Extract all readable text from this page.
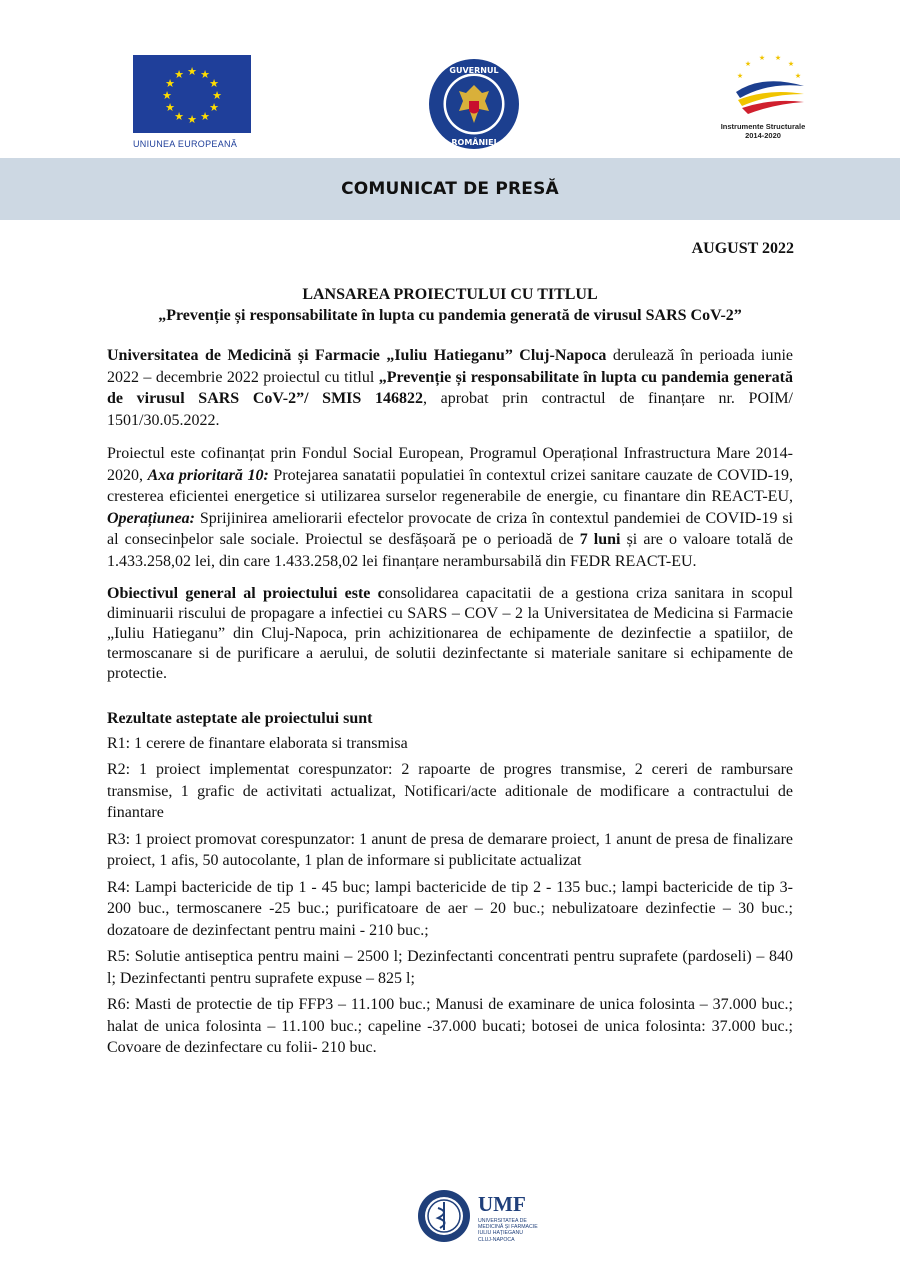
★ ★
★
★
★
★
★
★
★
★
★
★
UNIUNEA EUROPEANĂ
GUVERNUL
ROMÂNIEI
★
★ ★
★
★
★
Instrumente Structurale
2014-2020
COMUNICAT DE PRESĂ
AUGUST 2022
LANSAREA PROIECTULUI CU TITLUL
„Prevenție și responsabilitate în lupta cu pandemia generată de virusul SARS CoV-2”

Universitatea de Medicină și Farmacie „Iuliu Hatieganu” Cluj-Napoca derulează în perioada iunie 2022 – decembrie 2022 proiectul cu titlul „Prevenție și responsabilitate în lupta cu pandemia generată de virusul SARS CoV-2”/ SMIS 146822, aprobat prin contractul de finanțare nr. POIM/ 1501/30.05.2022.

Proiectul este cofinanțat prin Fondul Social European, Programul Operațional Infrastructura Mare 2014-2020, Axa prioritară 10: Protejarea sanatatii populatiei în contextul crizei sanitare cauzate de COVID-19, cresterea eficientei energetice si utilizarea surselor regenerabile de energie, cu finantare din REACT-EU, Operațiunea: Sprijinirea ameliorarii efectelor provocate de criza în contextul pandemiei de COVID-19 si al consecinþelor sale sociale. Proiectul se desfășoară pe o perioadă de 7 luni și are o valoare totală de 1.433.258,02 lei, din care 1.433.258,02 lei finanțare nerambursabilă din FEDR REACT-EU.

Obiectivul general al proiectului este consolidarea capacitatii de a gestiona criza sanitara in scopul diminuarii riscului de propagare a infectiei cu SARS – COV – 2 la Universitatea de Medicina si Farmacie „Iuliu Hatieganu” din Cluj-Napoca, prin achizitionarea de echipamente de dezinfectie a spatiilor, de termoscanare si de purificare a aerului, de solutii dezinfectante si materiale sanitare si echipamente de protectie.

Rezultate asteptate ale proiectului sunt

R1: 1 cerere de finantare elaborata si transmisa

R2: 1 proiect implementat corespunzator: 2 rapoarte de progres transmise, 2 cereri de rambursare transmise, 1 grafic de activitati actualizat, Notificari/acte aditionale de modificare a contractului de finantare

R3: 1 proiect promovat corespunzator: 1 anunt de presa de demarare proiect, 1 anunt de presa de finalizare proiect, 1 afis, 50 autocolante, 1 plan de informare si publicitate actualizat

R4: Lampi bactericide de tip 1 - 45 buc; lampi bactericide de tip 2 - 135 buc.; lampi bactericide de tip 3- 200 buc., termoscanere -25 buc.; purificatoare de aer – 20 buc.; nebulizatoare dezinfectie – 30 buc.; dozatoare de dezinfectant pentru maini - 210 buc.;

R5: Solutie antiseptica pentru maini – 2500 l; Dezinfectanti concentrati pentru suprafete (pardoseli) – 840 l; Dezinfectanti pentru suprafete expuse – 825 l;

R6: Masti de protectie de tip FFP3 – 11.100 buc.; Manusi de examinare de unica folosinta – 37.000 buc.; halat de unica folosinta – 11.100 buc.; capeline -37.000 bucati; botosei de unica folosinta: 37.000 buc.; Covoare de dezinfectare cu folii- 210 buc.

UMF
UNIVERSITATEA DE
MEDICINĂ ȘI FARMACIE
IULIU HAȚIEGANU
CLUJ-NAPOCA
